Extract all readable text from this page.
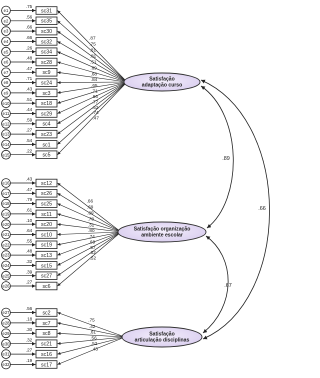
.89
.67
.66
e1
.75
sc31
.87
e2
.56
sc35
.75
e3
.66
sc30
.81
e4
.66
sc32
.81
e5
.26
sc34
.51
e6
.48
sc28
.69
e7
.47
sc9	.68
e8
.71
sc24
.84
e9
.43
sc3
.65
e10
.51
sc18
.71
e11
.44
sc29
.66
e12
.59
sc4
.77
e13
.27
sc23
.52
e14
.54
sc1
.74
e15
.22
sc5
.47
e16
.43
sc12
.66
e17
.47
sc26
.69
e18
.79
sc25
.89
e19
.61
sc11
.78
e20
.10
sc20	.31
e21
.64
sc10
.80
e22
.55
sc19
.74
e23
.48
sc13
.69
e24
.32
sc15
.57
e25
.39
sc27
.62
e26
.27
sc6
.52
e27
.56
sc2
.75
e28
.18
sc7	.42
e29
.30
sc8	.61
e30
.32
sc21
.56
e31
.27
sc16
.52
e32
.19
sc17
.43
Satisfação
adaptação curso
Satisfação organização
ambiente escolar
Satisfação
articulação disciplinas
